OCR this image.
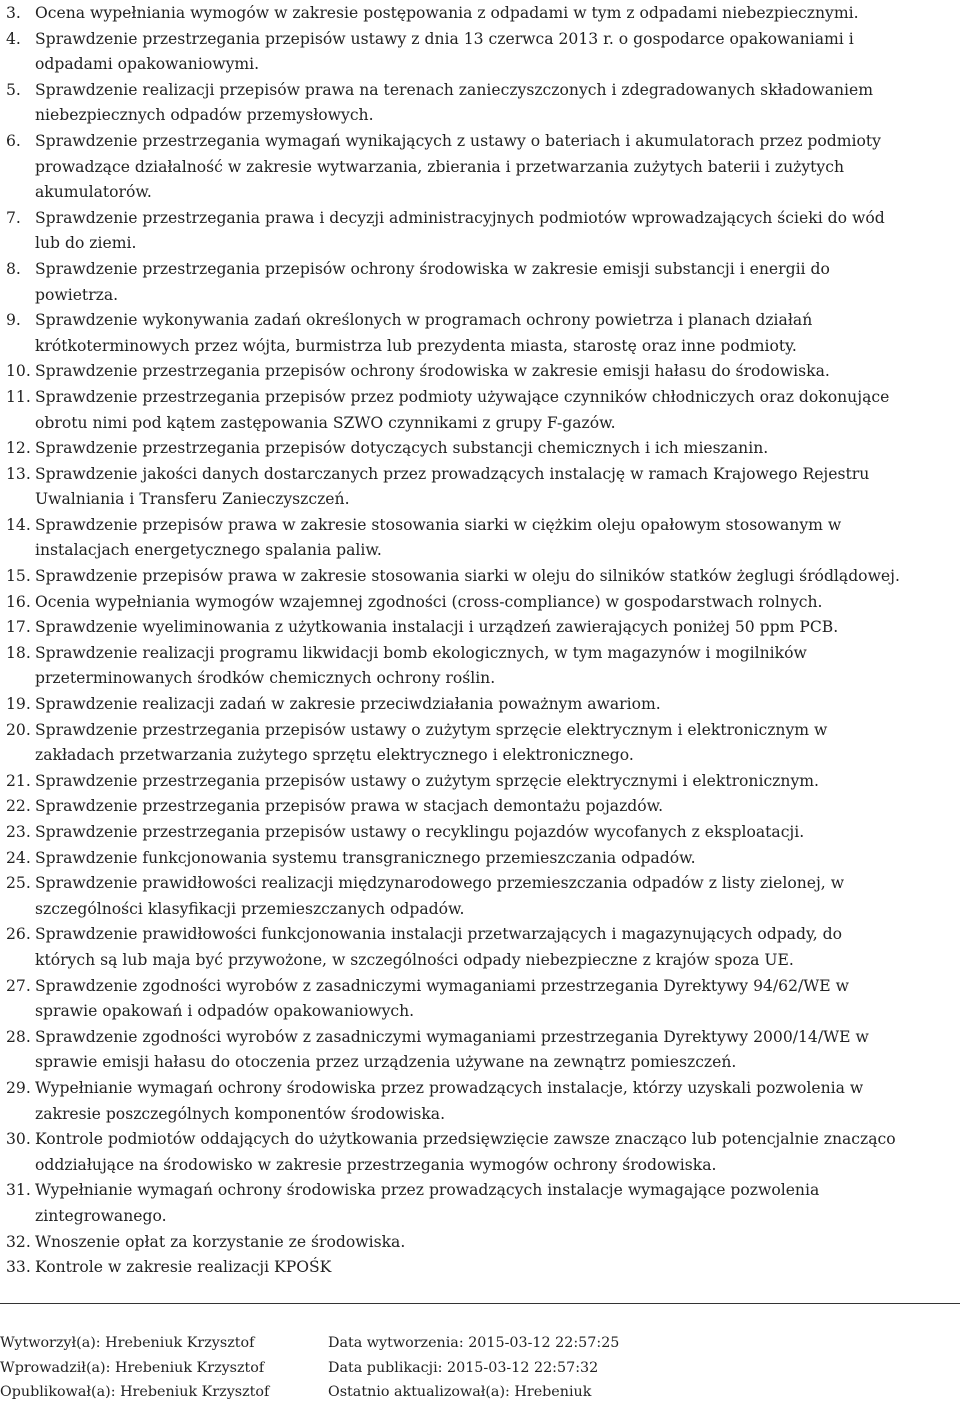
3. Ocena wypełniania wymogów w zakresie postępowania z odpadami w tym z odpadami niebezpiecznymi.
4. Sprawdzenie przestrzegania przepisów ustawy z dnia 13 czerwca 2013 r. o gospodarce opakowaniami i
odpadami opakowaniowymi.
5. Sprawdzenie realizacji przepisów prawa na terenach zanieczyszczonych i zdegradowanych składowaniem
niebezpiecznych odpadów przemysłowych.
6. Sprawdzenie przestrzegania wymagań wynikających z ustawy o bateriach i akumulatorach przez podmioty
prowadzące działalność w zakresie wytwarzania, zbierania i przetwarzania zużytych baterii i zużytych
akumulatorów.
7. Sprawdzenie przestrzegania prawa i decyzji administracyjnych podmiotów wprowadzających ścieki do wód
lub do ziemi.
8. Sprawdzenie przestrzegania przepisów ochrony środowiska w zakresie emisji substancji i energii do
powietrza.
9. Sprawdzenie wykonywania zadań określonych w programach ochrony powietrza i planach działań
krótkoterminowych przez wójta, burmistrza lub prezydenta miasta, starostę oraz inne podmioty.
10. Sprawdzenie przestrzegania przepisów ochrony środowiska w zakresie emisji hałasu do środowiska.
11. Sprawdzenie przestrzegania przepisów przez podmioty używające czynników chłodniczych oraz dokonujące
obrotu nimi pod kątem zastępowania SZWO czynnikami z grupy F-gazów.
12. Sprawdzenie przestrzegania przepisów dotyczących substancji chemicznych i ich mieszanin.
13. Sprawdzenie jakości danych dostarczanych przez prowadzących instalację w ramach Krajowego Rejestru
Uwalniania i Transferu Zanieczyszczeń.
14. Sprawdzenie przepisów prawa w zakresie stosowania siarki w ciężkim oleju opałowym stosowanym w
instalacjach energetycznego spalania paliw.
15. Sprawdzenie przepisów prawa w zakresie stosowania siarki w oleju do silników statków żeglugi śródlądowej.
16. Ocenia wypełniania wymogów wzajemnej zgodności (cross-compliance) w gospodarstwach rolnych.
17. Sprawdzenie wyeliminowania z użytkowania instalacji i urządzeń zawierających poniżej 50 ppm PCB.
18. Sprawdzenie realizacji programu likwidacji bomb ekologicznych, w tym magazynów i mogilników
przeterminowanych środków chemicznych ochrony roślin.
19. Sprawdzenie realizacji zadań w zakresie przeciwdziałania poważnym awariom.
20. Sprawdzenie przestrzegania przepisów ustawy o zużytym sprzęcie elektrycznym i elektronicznym w
zakładach przetwarzania zużytego sprzętu elektrycznego i elektronicznego.
21. Sprawdzenie przestrzegania przepisów ustawy o zużytym sprzęcie elektrycznymi i elektronicznym.
22. Sprawdzenie przestrzegania przepisów prawa w stacjach demontażu pojazdów.
23. Sprawdzenie przestrzegania przepisów ustawy o recyklingu pojazdów wycofanych z eksploatacji.
24. Sprawdzenie funkcjonowania systemu transgranicznego przemieszczania odpadów.
25. Sprawdzenie prawidłowości realizacji międzynarodowego przemieszczania odpadów z listy zielonej, w
szczególności klasyfikacji przemieszczanych odpadów.
26. Sprawdzenie prawidłowości funkcjonowania instalacji przetwarzających i magazynujących odpady, do
których są lub maja być przywożone, w szczególności odpady niebezpieczne z krajów spoza UE.
27. Sprawdzenie zgodności wyrobów z zasadniczymi wymaganiami przestrzegania Dyrektywy 94/62/WE w
sprawie opakowań i odpadów opakowaniowych.
28. Sprawdzenie zgodności wyrobów z zasadniczymi wymaganiami przestrzegania Dyrektywy 2000/14/WE w
sprawie emisji hałasu do otoczenia przez urządzenia używane na zewnątrz pomieszczeń.
29. Wypełnianie wymagań ochrony środowiska przez prowadzących instalacje, którzy uzyskali pozwolenia w
zakresie poszczególnych komponentów środowiska.
30. Kontrole podmiotów oddających do użytkowania przedsięwzięcie zawsze znacząco lub potencjalnie znacząco
oddziałujące na środowisko w zakresie przestrzegania wymogów ochrony środowiska.
31. Wypełnianie wymagań ochrony środowiska przez prowadzących instalacje wymagające pozwolenia
zintegrowanego.
32. Wnoszenie opłat za korzystanie ze środowiska.
33. Kontrole w zakresie realizacji KPOŚK
Wytworzył(a): Hrebeniuk Krzysztof	Data wytworzenia: 2015-03-12 22:57:25
Wprowadził(a): Hrebeniuk Krzysztof	Data publikacji: 2015-03-12 22:57:32
Opublikował(a): Hrebeniuk Krzysztof	Ostatnio aktualizował(a): Hrebeniuk
